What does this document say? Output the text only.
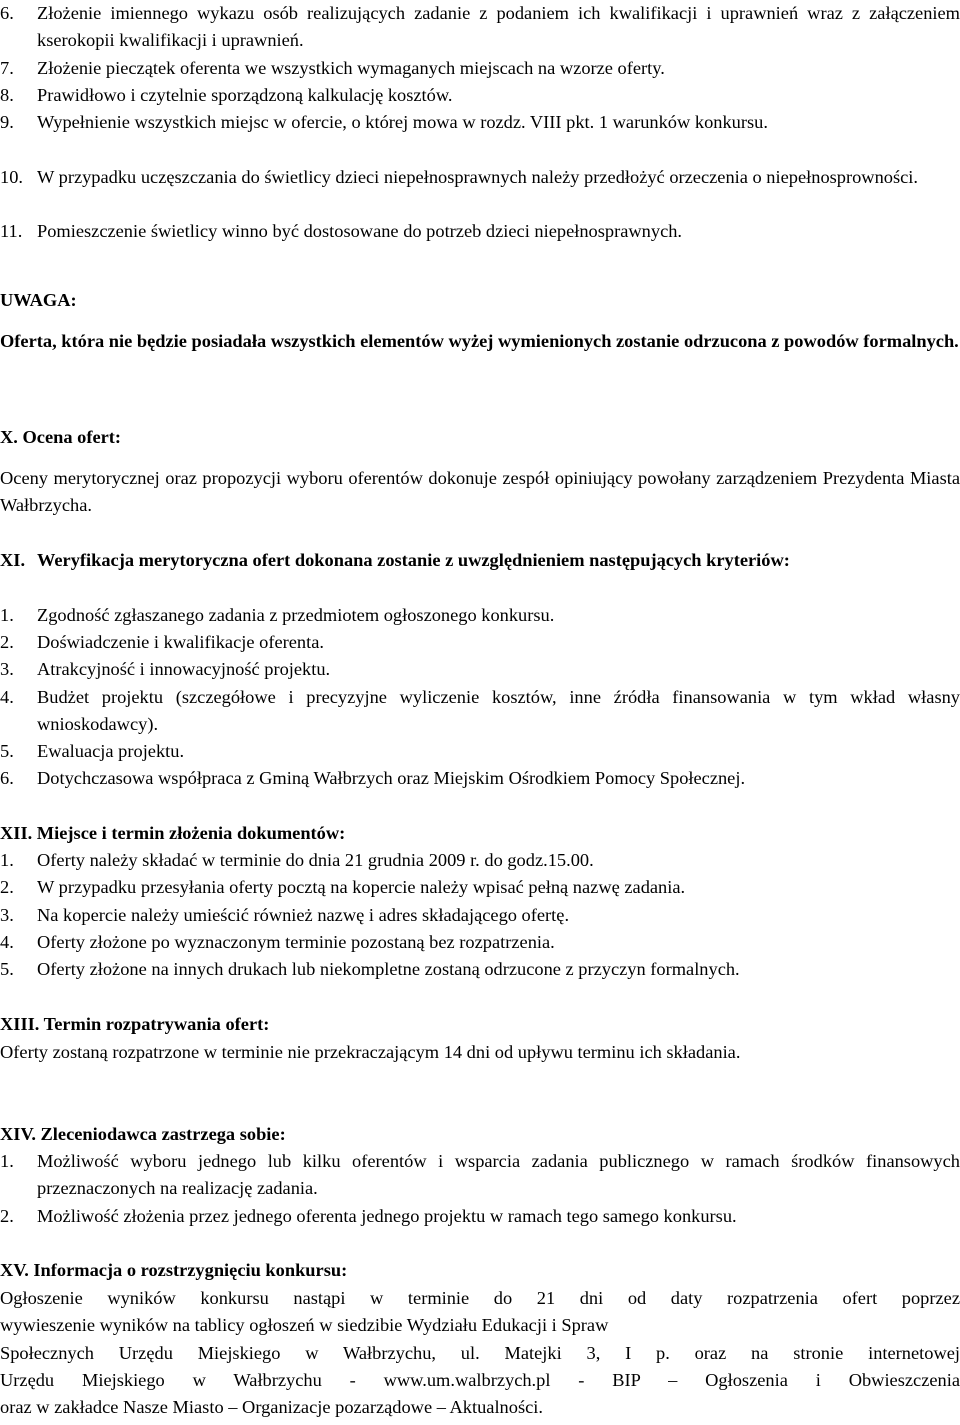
6. Złożenie imiennego wykazu osób realizujących zadanie z podaniem ich kwalifikacji i uprawnień wraz z załączeniem kserokopii kwalifikacji i uprawnień.
7. Złożenie pieczątek oferenta we wszystkich wymaganych miejscach na wzorze oferty.
8. Prawidłowo i czytelnie sporządzoną kalkulację kosztów.
9. Wypełnienie wszystkich miejsc w ofercie, o której mowa w rozdz. VIII pkt. 1 warunków konkursu.
10. W przypadku uczęszczania do świetlicy dzieci niepełnosprawnych należy przedłożyć orzeczenia o niepełnosprowności.
11. Pomieszczenie świetlicy winno być dostosowane do potrzeb dzieci niepełnosprawnych.
UWAGA:
Oferta, która nie będzie posiadała wszystkich elementów wyżej wymienionych zostanie odrzucona z powodów formalnych.
X. Ocena ofert:
Oceny merytorycznej oraz propozycji wyboru oferentów dokonuje zespół opiniujący powołany zarządzeniem Prezydenta Miasta Wałbrzycha.
XI. Weryfikacja merytoryczna ofert dokonana zostanie z uwzględnieniem następujących kryteriów:
1. Zgodność zgłaszanego zadania z przedmiotem ogłoszonego konkursu.
2. Doświadczenie i kwalifikacje oferenta.
3. Atrakcyjność i innowacyjność projektu.
4. Budżet projektu (szczegółowe i precyzyjne wyliczenie kosztów, inne źródła finansowania w tym wkład własny wnioskodawcy).
5. Ewaluacja projektu.
6. Dotychczasowa współpraca z Gminą Wałbrzych oraz Miejskim Ośrodkiem Pomocy Społecznej.
XII. Miejsce i termin złożenia dokumentów:
1. Oferty należy składać w terminie do dnia 21 grudnia 2009 r. do godz.15.00.
2. W przypadku przesyłania oferty pocztą na kopercie należy wpisać pełną nazwę zadania.
3. Na kopercie należy umieścić również nazwę i adres składającego ofertę.
4. Oferty złożone po wyznaczonym terminie pozostaną bez rozpatrzenia.
5. Oferty złożone na innych drukach lub niekompletne zostaną odrzucone z przyczyn formalnych.
XIII. Termin rozpatrywania ofert:
Oferty zostaną rozpatrzone w terminie nie przekraczającym 14 dni od upływu terminu ich składania.
XIV. Zleceniodawca zastrzega sobie:
1. Możliwość wyboru jednego lub kilku oferentów i wsparcia zadania publicznego w ramach środków finansowych przeznaczonych na realizację zadania.
2. Możliwość złożenia przez jednego oferenta jednego projektu w ramach tego samego konkursu.
XV. Informacja o rozstrzygnięciu konkursu:
Ogłoszenie wyników konkursu nastąpi w terminie do 21 dni od daty rozpatrzenia ofert poprzez
wywieszenie wyników na tablicy ogłoszeń w siedzibie Wydziału Edukacji i Spraw
Społecznych Urzędu Miejskiego w Wałbrzychu, ul. Matejki 3, I p. oraz na stronie internetowej
Urzędu Miejskiego w Wałbrzychu - www.um.walbrzych.pl - BIP – Ogłoszenia i Obwieszczenia
oraz w zakładce Nasze Miasto – Organizacje pozarządowe – Aktualności.
